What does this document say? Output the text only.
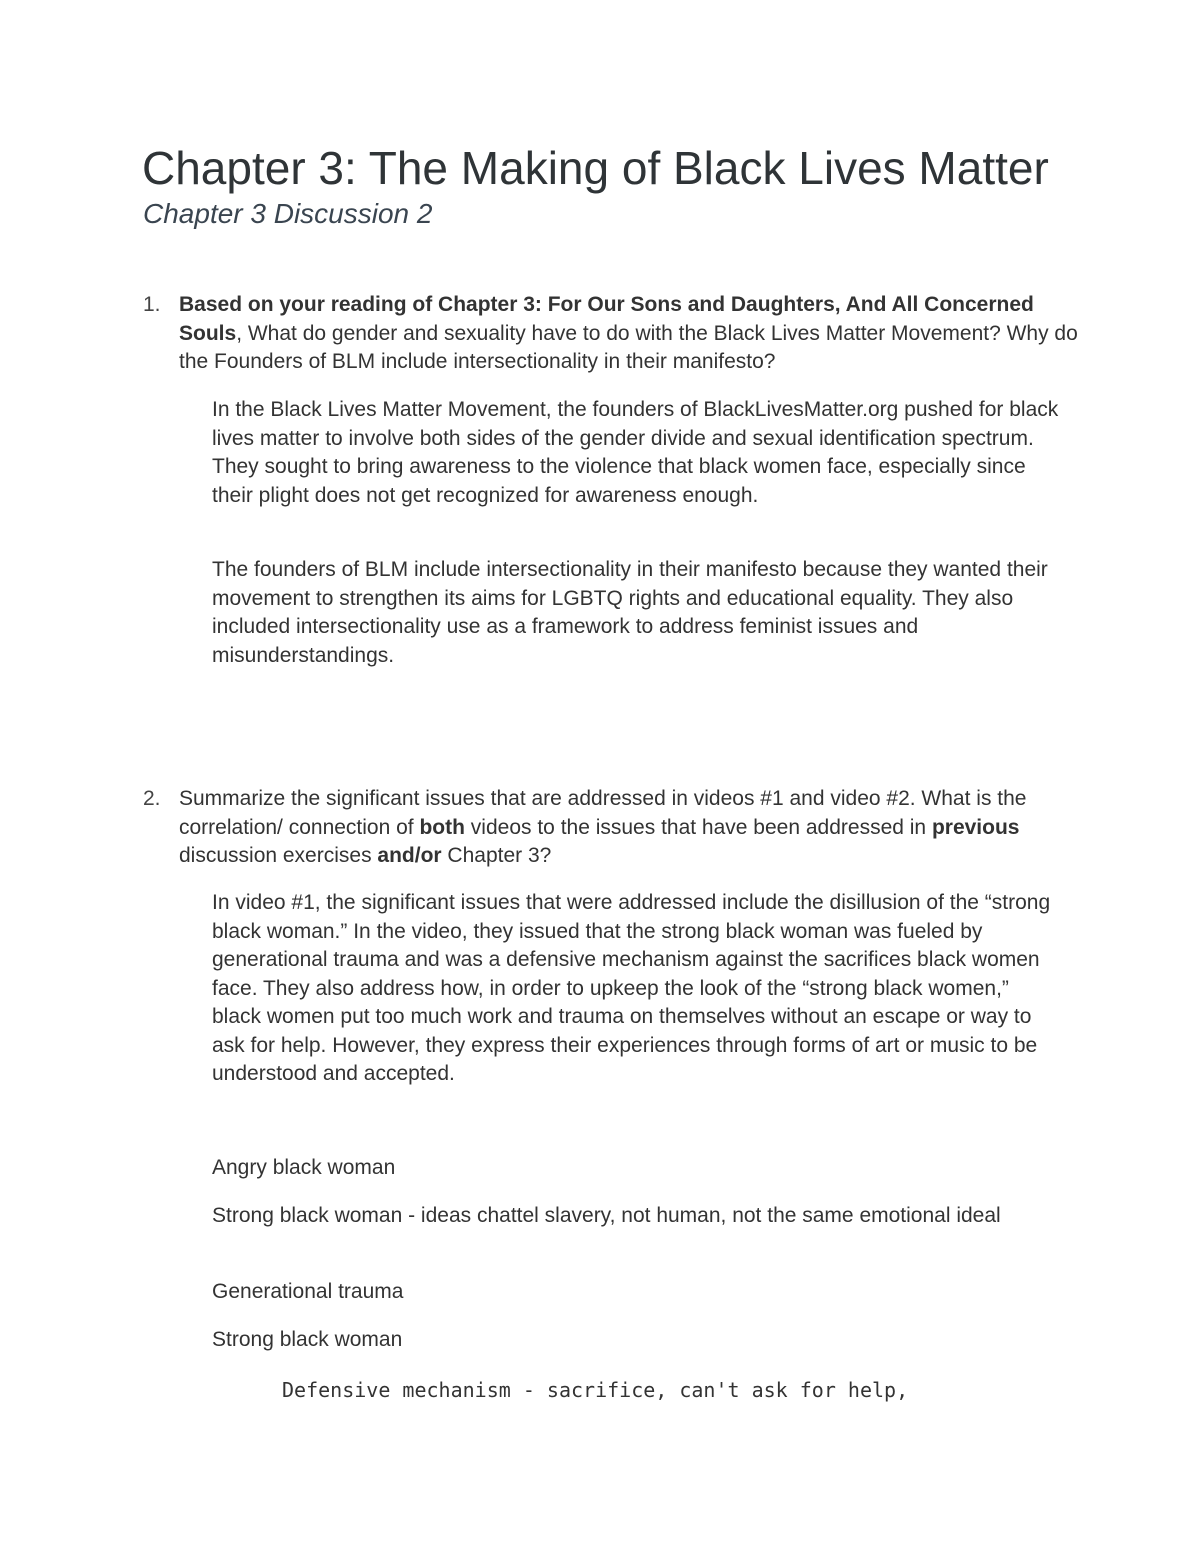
Chapter 3: The Making of Black Lives Matter
Chapter 3 Discussion 2
1. Based on your reading of Chapter 3: For Our Sons and Daughters, And All Concerned Souls, What do gender and sexuality have to do with the Black Lives Matter Movement? Why do the Founders of BLM include intersectionality in their manifesto?

In the Black Lives Matter Movement, the founders of BlackLivesMatter.org pushed for black lives matter to involve both sides of the gender divide and sexual identification spectrum. They sought to bring awareness to the violence that black women face, especially since their plight does not get recognized for awareness enough.

The founders of BLM include intersectionality in their manifesto because they wanted their movement to strengthen its aims for LGBTQ rights and educational equality. They also included intersectionality use as a framework to address feminist issues and misunderstandings.

2. Summarize the significant issues that are addressed in videos #1 and video #2. What is the correlation/ connection of both videos to the issues that have been addressed in previous discussion exercises and/or Chapter 3?

In video #1, the significant issues that were addressed include the disillusion of the “strong black woman.” In the video, they issued that the strong black woman was fueled by generational trauma and was a defensive mechanism against the sacrifices black women face. They also address how, in order to upkeep the look of the “strong black women,” black women put too much work and trauma on themselves without an escape or way to ask for help. However, they express their experiences through forms of art or music to be understood and accepted.

Angry black woman

Strong black woman - ideas chattel slavery, not human, not the same emotional ideal

Generational trauma

Strong black woman

Defensive mechanism - sacrifice, can't ask for help,
